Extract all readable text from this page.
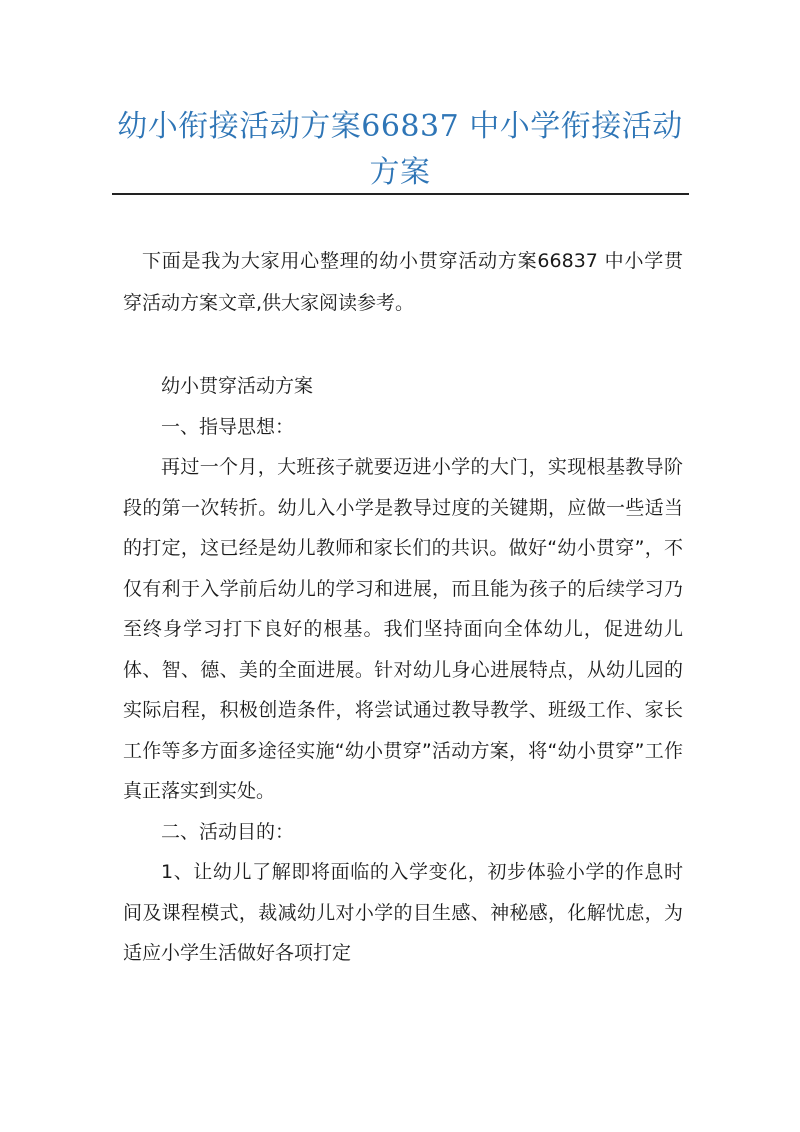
幼小衔接活动方案66837 中小学衔接活动方案

下面是我为大家用心整理的幼小贯穿活动方案66837 中小学贯穿活动方案文章,供大家阅读参考。

幼小贯穿活动方案

一、指导思想：

再过一个月，大班孩子就要迈进小学的大门，实现根基教导阶段的第一次转折。幼儿入小学是教导过度的关键期，应做一些适当的打定，这已经是幼儿教师和家长们的共识。做好“幼小贯穿”，不仅有利于入学前后幼儿的学习和进展，而且能为孩子的后续学习乃至终身学习打下良好的根基。我们坚持面向全体幼儿，促进幼儿体、智、德、美的全面进展。针对幼儿身心进展特点，从幼儿园的实际启程，积极创造条件，将尝试通过教导教学、班级工作、家长工作等多方面多途径实施“幼小贯穿”活动方案，将“幼小贯穿”工作真正落实到实处。

二、活动目的：

1、让幼儿了解即将面临的入学变化，初步体验小学的作息时间及课程模式，裁减幼儿对小学的目生感、神秘感，化解忧虑，为适应小学生活做好各项打定
